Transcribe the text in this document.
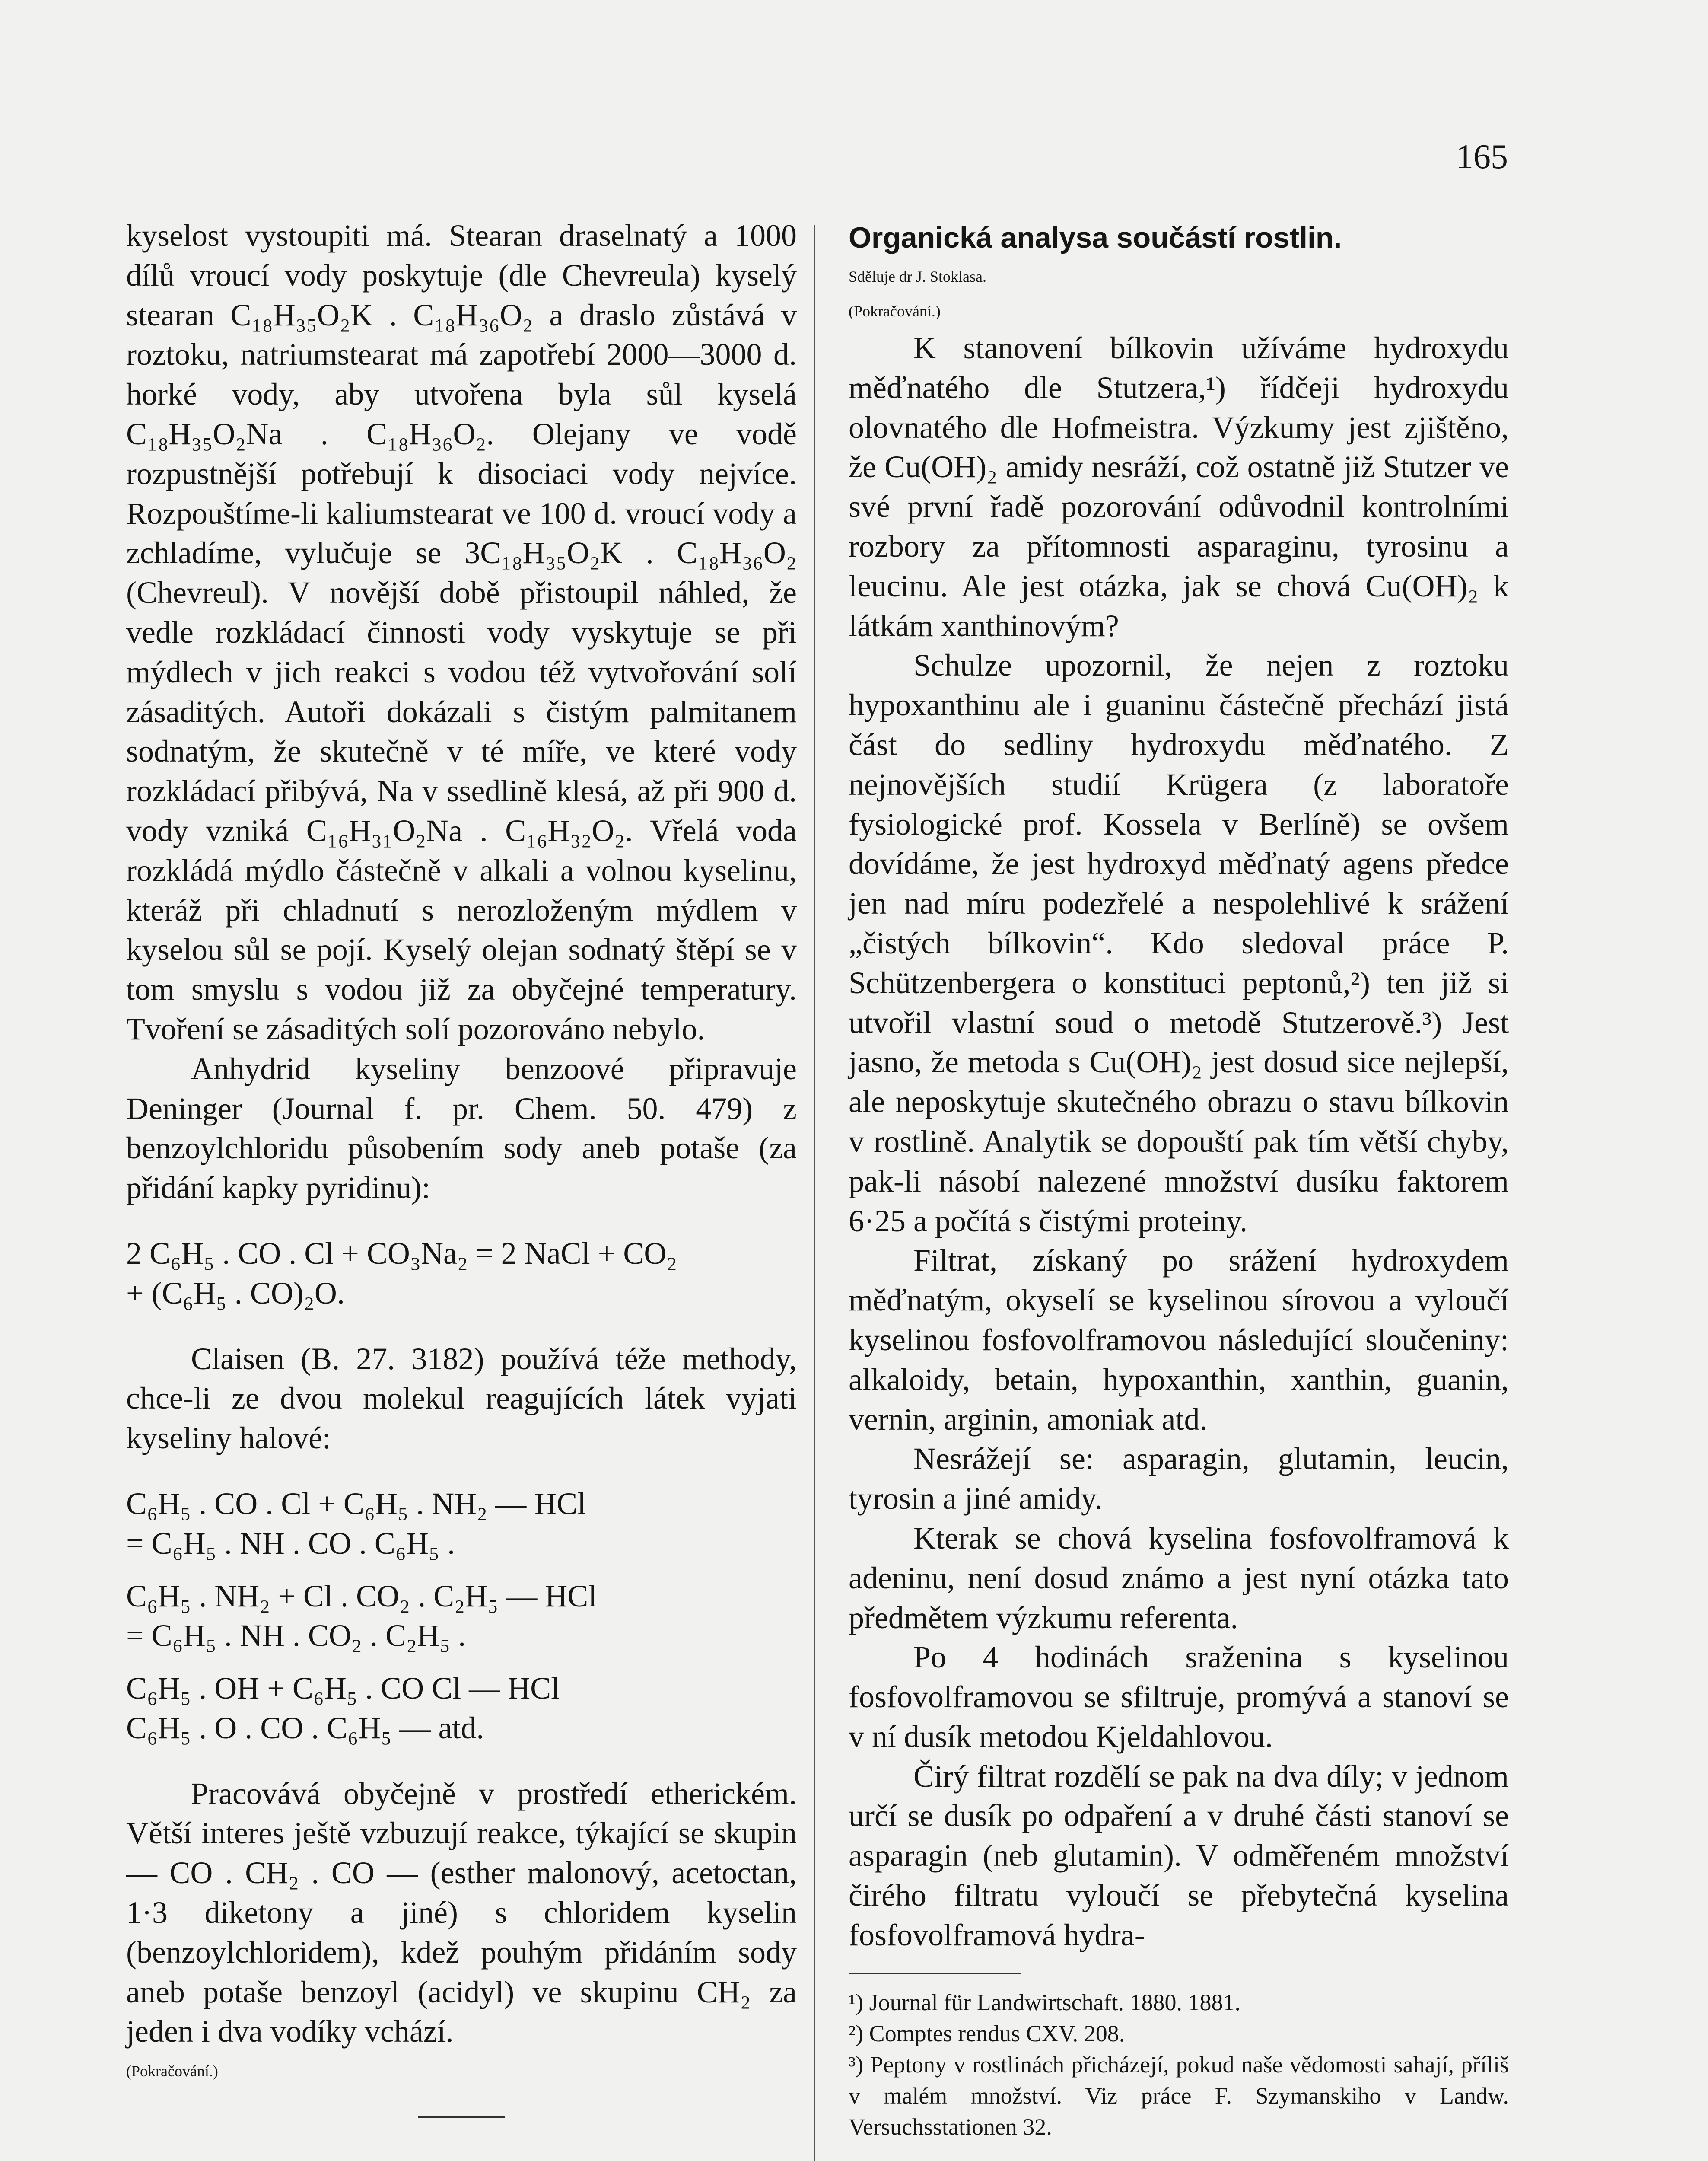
165

kyselost vystoupiti má. Stearan draselnatý a 1000 dílů vroucí vody poskytuje (dle Chevreula) kyselý stearan C₁₈H₃₅O₂K . C₁₈H₃₆O₂ a draslo zůstává v roztoku, natriumstearat má zapotřebí 2000—3000 d. horké vody, aby utvořena byla sůl kyselá C₁₈H₃₅O₂Na . C₁₈H₃₆O₂. Olejany ve vodě rozpustnější potřebují k disociaci vody nejvíce. Rozpouštíme-li kaliumstearat ve 100 d. vroucí vody a zchladíme, vylučuje se 3C₁₈H₃₅O₂K . C₁₈H₃₆O₂ (Chevreul). V novější době přistoupil náhled, že vedle rozkládací činnosti vody vyskytuje se při mýdlech v jich reakci s vodou též vytvořování solí zásaditých. Autoři dokázali s čistým palmitanem sodnatým, že skutečně v té míře, ve které vody rozkládací přibývá, Na v ssedlině klesá, až při 900 d. vody vzniká C₁₆H₃₁O₂Na . C₁₆H₃₂O₂. Vřelá voda rozkládá mýdlo částečně v alkali a volnou kyselinu, kteráž při chladnutí s nerozloženým mýdlem v kyselou sůl se pojí. Kyselý olejan sodnatý štěpí se v tom smyslu s vodou již za obyčejné temperatury. Tvoření se zásaditých solí pozorováno nebylo.

Anhydrid kyseliny benzoové připravuje Deninger (Journal f. pr. Chem. 50. 479) z benzoylchloridu působením sody aneb potaše (za přidání kapky pyridinu):

2 C₆H₅ . CO . Cl + CO₃Na₂ = 2 NaCl + CO₂

+ (C₆H₅ . CO)₂O.

Claisen (B. 27. 3182) používá téže methody, chce-li ze dvou molekul reagujících látek vyjati kyseliny halové:

C₆H₅ . CO . Cl + C₆H₅ . NH₂ — HCl

= C₆H₅ . NH . CO . C₆H₅ .

C₆H₅ . NH₂ + Cl . CO₂ . C₂H₅ — HCl

= C₆H₅ . NH . CO₂ . C₂H₅ .

C₆H₅ . OH + C₆H₅ . CO Cl — HCl

C₆H₅ . O . CO . C₆H₅ — atd.

Pracovává obyčejně v prostředí etherickém. Větší interes ještě vzbuzují reakce, týkající se skupin — CO . CH₂ . CO — (esther malonový, acetoctan, 1·3 diketony a jiné) s chloridem kyselin (benzoylchloridem), kdež pouhým přidáním sody aneb potaše benzoyl (acidyl) ve skupinu CH₂ za jeden i dva vodíky vchází.

(Pokračování.)

Organická analysa součástí rostlin.

Sděluje dr J. Stoklasa.

(Pokračování.)

K stanovení bílkovin užíváme hydroxydu měďnatého dle Stutzera,¹) řídčeji hydroxydu olovnatého dle Hofmeistra. Výzkumy jest zjištěno, že Cu(OH)₂ amidy nesráží, což ostatně již Stutzer ve své první řadě pozorování odůvodnil kontrolními rozbory za přítomnosti asparaginu, tyrosinu a leucinu. Ale jest otázka, jak se chová Cu(OH)₂ k látkám xanthinovým?

Schulze upozornil, že nejen z roztoku hypoxanthinu ale i guaninu částečně přechází jistá část do sedliny hydroxydu měďnatého. Z nejnovějších studií Krügera (z laboratoře fysiologické prof. Kossela v Berlíně) se ovšem dovídáme, že jest hydroxyd měďnatý agens předce jen nad míru podezřelé a nespolehlivé k srážení „čistých bílkovin“. Kdo sledoval práce P. Schützenbergera o konstituci peptonů,²) ten již si utvořil vlastní soud o metodě Stutzerově.³) Jest jasno, že metoda s Cu(OH)₂ jest dosud sice nejlepší, ale neposkytuje skutečného obrazu o stavu bílkovin v rostlině. Analytik se dopouští pak tím větší chyby, pak-li násobí nalezené množství dusíku faktorem 6·25 a počítá s čistými proteiny.

Filtrat, získaný po srážení hydroxydem měďnatým, okyselí se kyselinou sírovou a vyloučí kyselinou fosfovolframovou následující sloučeniny: alkaloidy, betain, hypoxanthin, xanthin, guanin, vernin, arginin, amoniak atd.

Nesrážejí se: asparagin, glutamin, leucin, tyrosin a jiné amidy.

Kterak se chová kyselina fosfovolframová k adeninu, není dosud známo a jest nyní otázka tato předmětem výzkumu referenta.

Po 4 hodinách sraženina s kyselinou fosfovolframovou se sfiltruje, promývá a stanoví se v ní dusík metodou Kjeldahlovou.

Čirý filtrat rozdělí se pak na dva díly; v jednom určí se dusík po odpaření a v druhé části stanoví se asparagin (neb glutamin). V odměřeném množství čirého filtratu vyloučí se přebytečná kyselina fosfovolframová hydra-

¹) Journal für Landwirtschaft. 1880. 1881.

²) Comptes rendus CXV. 208.

³) Peptony v rostlinách přicházejí, pokud naše vědomosti sahají, příliš v malém množství. Viz práce F. Szymanskiho v Landw. Versuchsstationen 32.
